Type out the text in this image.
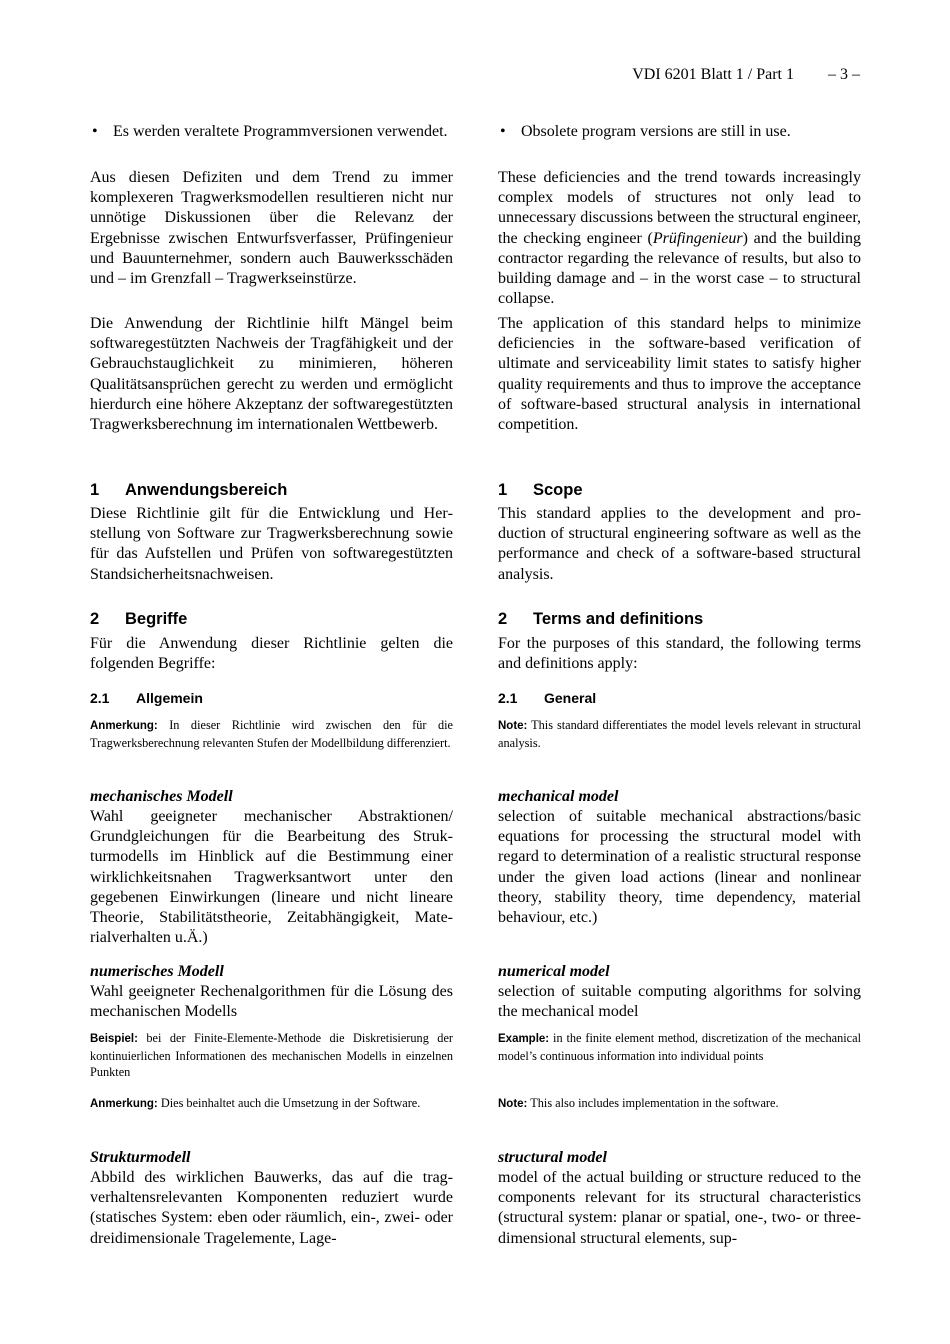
VDI 6201 Blatt 1 / Part 1 – 3 –

• Es werden veraltete Programmversionen verwendet.

Aus diesen Defiziten und dem Trend zu immer komplexeren Tragwerksmodellen resultieren nicht nur unnötige Diskussionen über die Relevanz der Ergebnisse zwischen Entwurfsverfasser, Prüfingenieur und Bauunternehmer, sondern auch Bauwerksschäden und – im Grenzfall – Tragwerkseinstürze.

Die Anwendung der Richtlinie hilft Mängel beim softwaregestützten Nachweis der Tragfähigkeit und der Gebrauchstauglichkeit zu minimieren, höheren Qualitätsansprüchen gerecht zu werden und ermöglicht hierdurch eine höhere Akzeptanz der softwaregestützten Tragwerksberechnung im internationalen Wettbewerb.

1 Anwendungsbereich

Diese Richtlinie gilt für die Entwicklung und Herstellung von Software zur Tragwerksberechnung sowie für das Aufstellen und Prüfen von softwaregestützten Standsicherheitsnachweisen.

2 Begriffe

Für die Anwendung dieser Richtlinie gelten die folgenden Begriffe:

2.1 Allgemein
Anmerkung: In dieser Richtlinie wird zwischen den für die Tragwerksberechnung relevanten Stufen der Modellbildung differenziert.
mechanisches Modell

Wahl geeigneter mechanischer Abstraktionen/ Grundgleichungen für die Bearbeitung des Strukturmodells im Hinblick auf die Bestimmung einer wirklichkeitsnahen Tragwerksantwort unter den gegebenen Einwirkungen (lineare und nicht lineare Theorie, Stabilitätstheorie, Zeitabhängigkeit, Materialverhalten u.Ä.)

numerisches Modell

Wahl geeigneter Rechenalgorithmen für die Lösung des mechanischen Modells

Beispiel: bei der Finite-Elemente-Methode die Diskretisierung der kontinuierlichen Informationen des mechanischen Modells in einzelnen Punkten
Anmerkung: Dies beinhaltet auch die Umsetzung in der Software.
Strukturmodell

Abbild des wirklichen Bauwerks, das auf die tragverhaltensrelevanten Komponenten reduziert wurde (statisches System: eben oder räumlich, ein-, zwei- oder dreidimensionale Tragelemente, Lage-

• Obsolete program versions are still in use.

These deficiencies and the trend towards increasingly complex models of structures not only lead to unnecessary discussions between the structural engineer, the checking engineer (Prüfingenieur) and the building contractor regarding the relevance of results, but also to building damage and – in the worst case – to structural collapse.

The application of this standard helps to minimize deficiencies in the software-based verification of ultimate and serviceability limit states to satisfy higher quality requirements and thus to improve the acceptance of software-based structural analysis in international competition.

1 Scope

This standard applies to the development and production of structural engineering software as well as the performance and check of a software-based structural analysis.

2 Terms and definitions

For the purposes of this standard, the following terms and definitions apply:

2.1 General
Note: This standard differentiates the model levels relevant in structural analysis.
mechanical model

selection of suitable mechanical abstractions/basic equations for processing the structural model with regard to determination of a realistic structural response under the given load actions (linear and nonlinear theory, stability theory, time dependency, material behaviour, etc.)

numerical model

selection of suitable computing algorithms for solving the mechanical model

Example: in the finite element method, discretization of the mechanical model’s continuous information into individual points
Note: This also includes implementation in the software.
structural model

model of the actual building or structure reduced to the components relevant for its structural characteristics (structural system: planar or spatial, one-, two- or three-dimensional structural elements, sup-
